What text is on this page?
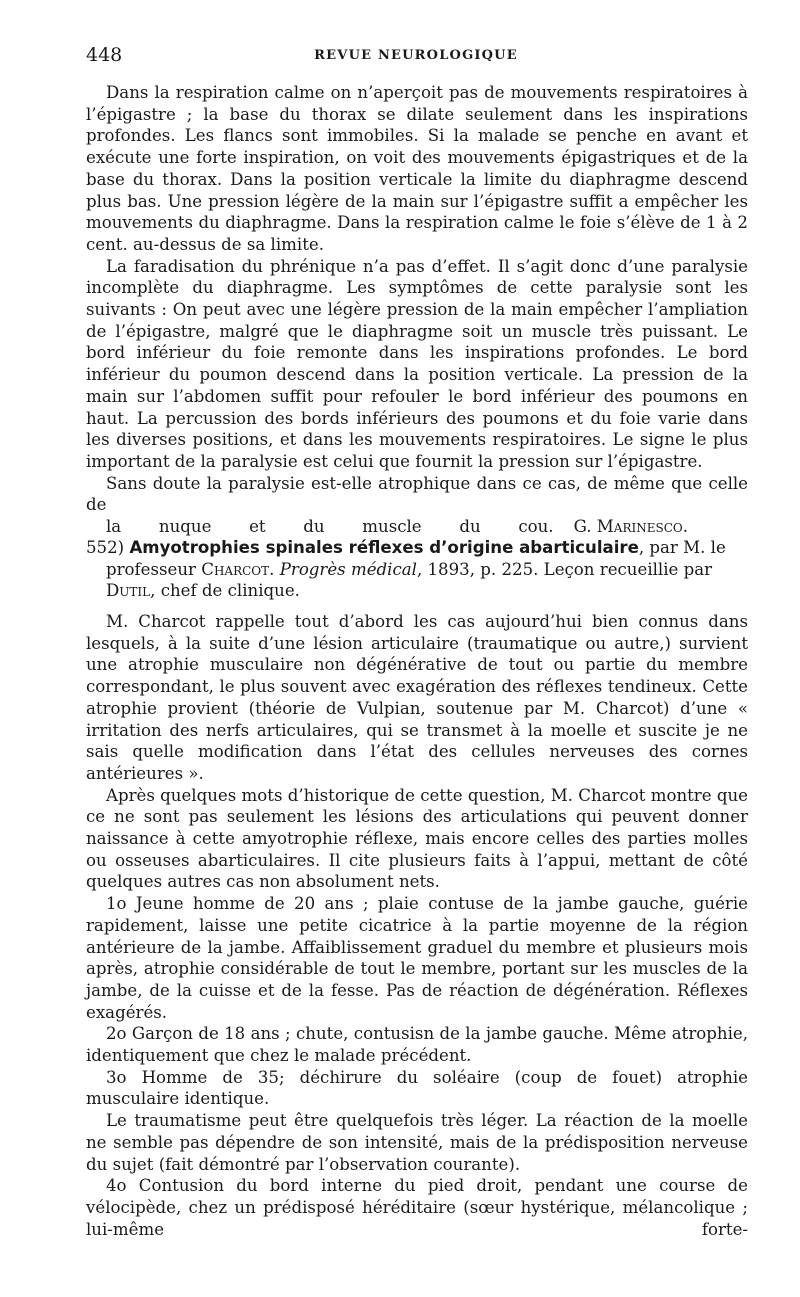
448	REVUE NEUROLOGIQUE

Dans la respiration calme on n’aperçoit pas de mouvements respiratoires à l’épigastre ; la base du thorax se dilate seulement dans les inspirations profondes. Les flancs sont immobiles. Si la malade se penche en avant et exécute une forte inspiration, on voit des mouvements épigastriques et de la base du thorax. Dans la position verticale la limite du diaphragme descend plus bas. Une pression légère de la main sur l’épigastre suffit a empêcher les mouvements du diaphragme. Dans la respiration calme le foie s’élève de 1 à 2 cent. au-dessus de sa limite.

La faradisation du phrénique n’a pas d’effet. Il s’agit donc d’une paralysie incomplète du diaphragme. Les symptômes de cette paralysie sont les suivants : On peut avec une légère pression de la main empêcher l’ampliation de l’épigastre, malgré que le diaphragme soit un muscle très puissant. Le bord inférieur du foie remonte dans les inspirations profondes. Le bord inférieur du poumon descend dans la position verticale. La pression de la main sur l’abdomen suffit pour refouler le bord inférieur des poumons en haut. La percussion des bords inférieurs des poumons et du foie varie dans les diverses positions, et dans les mouvements respiratoires. Le signe le plus important de la paralysie est celui que fournit la pression sur l’épigastre.

Sans doute la paralysie est-elle atrophique dans ce cas, de même que celle de

la nuque et du muscle du cou.	G. Marinesco.

552) Amyotrophies spinales réflexes d’origine abarticulaire, par M. le professeur Charcot. Progrès médical, 1893, p. 225. Leçon recueillie par Dutil, chef de clinique.

M. Charcot rappelle tout d’abord les cas aujourd’hui bien connus dans lesquels, à la suite d’une lésion articulaire (traumatique ou autre,) survient une atrophie musculaire non dégénérative de tout ou partie du membre correspondant, le plus souvent avec exagération des réflexes tendineux. Cette atrophie provient (théorie de Vulpian, soutenue par M. Charcot) d’une « irritation des nerfs articulaires, qui se transmet à la moelle et suscite je ne sais quelle modification dans l’état des cellules nerveuses des cornes antérieures ».

Après quelques mots d’historique de cette question, M. Charcot montre que ce ne sont pas seulement les lésions des articulations qui peuvent donner naissance à cette amyotrophie réflexe, mais encore celles des parties molles ou osseuses abarticulaires. Il cite plusieurs faits à l’appui, mettant de côté quelques autres cas non absolument nets.

1o Jeune homme de 20 ans ; plaie contuse de la jambe gauche, guérie rapidement, laisse une petite cicatrice à la partie moyenne de la région antérieure de la jambe. Affaiblissement graduel du membre et plusieurs mois après, atrophie considérable de tout le membre, portant sur les muscles de la jambe, de la cuisse et de la fesse. Pas de réaction de dégénération. Réflexes exagérés.

2o Garçon de 18 ans ; chute, contusisn de la jambe gauche. Même atrophie, identiquement que chez le malade précédent.

3o Homme de 35; déchirure du soléaire (coup de fouet) atrophie musculaire identique.

Le traumatisme peut être quelquefois très léger. La réaction de la moelle ne semble pas dépendre de son intensité, mais de la prédisposition nerveuse du sujet (fait démontré par l’observation courante).

4o Contusion du bord interne du pied droit, pendant une course de vélocipède, chez un prédisposé héréditaire (sœur hystérique, mélancolique ; lui-même forte-
